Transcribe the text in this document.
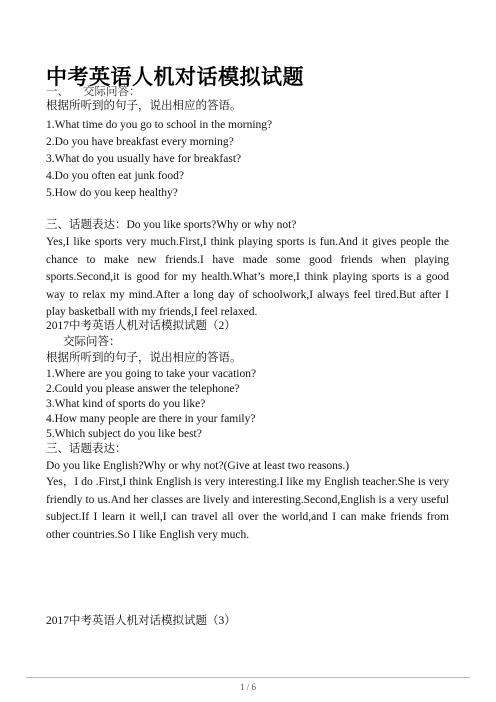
中考英语人机对话模拟试题
一、 交际问答：
根据所听到的句子，说出相应的答语。
1.What time do you go to school in the morning?
2.Do you have breakfast every morning?
3.What do you usually have for breakfast?
4.Do you often eat junk food?
5.How do you keep healthy?
三、话题表达：Do you like sports?Why or why not?
Yes,I like sports very much.First,I think playing sports is fun.And it gives people the chance to make new friends.I have made some good friends when playing sports.Second,it is good for my health.What’s more,I think playing sports is a good way to relax my mind.After a long day of schoolwork,I always feel tired.But after I play basketball with my friends,I feel relaxed.
2017中考英语人机对话模拟试题（2）
交际问答：
根据所听到的句子，说出相应的答语。
1.Where are you going to take your vacation?
2.Could you please answer the telephone?
3.What kind of sports do you like?
4.How many people are there in your family?
5.Which subject do you like best?
三、话题表达：
Do you like English?Why or why not?(Give at least two reasons.)
Yes，I do .First,I think English is very interesting.I like my English teacher.She is very friendly to us.And her classes are lively and interesting.Second,English is a very useful subject.If I learn it well,I can travel all over the world,and I can make friends from other countries.So I like English very much.
2017中考英语人机对话模拟试题（3）
1 / 6
